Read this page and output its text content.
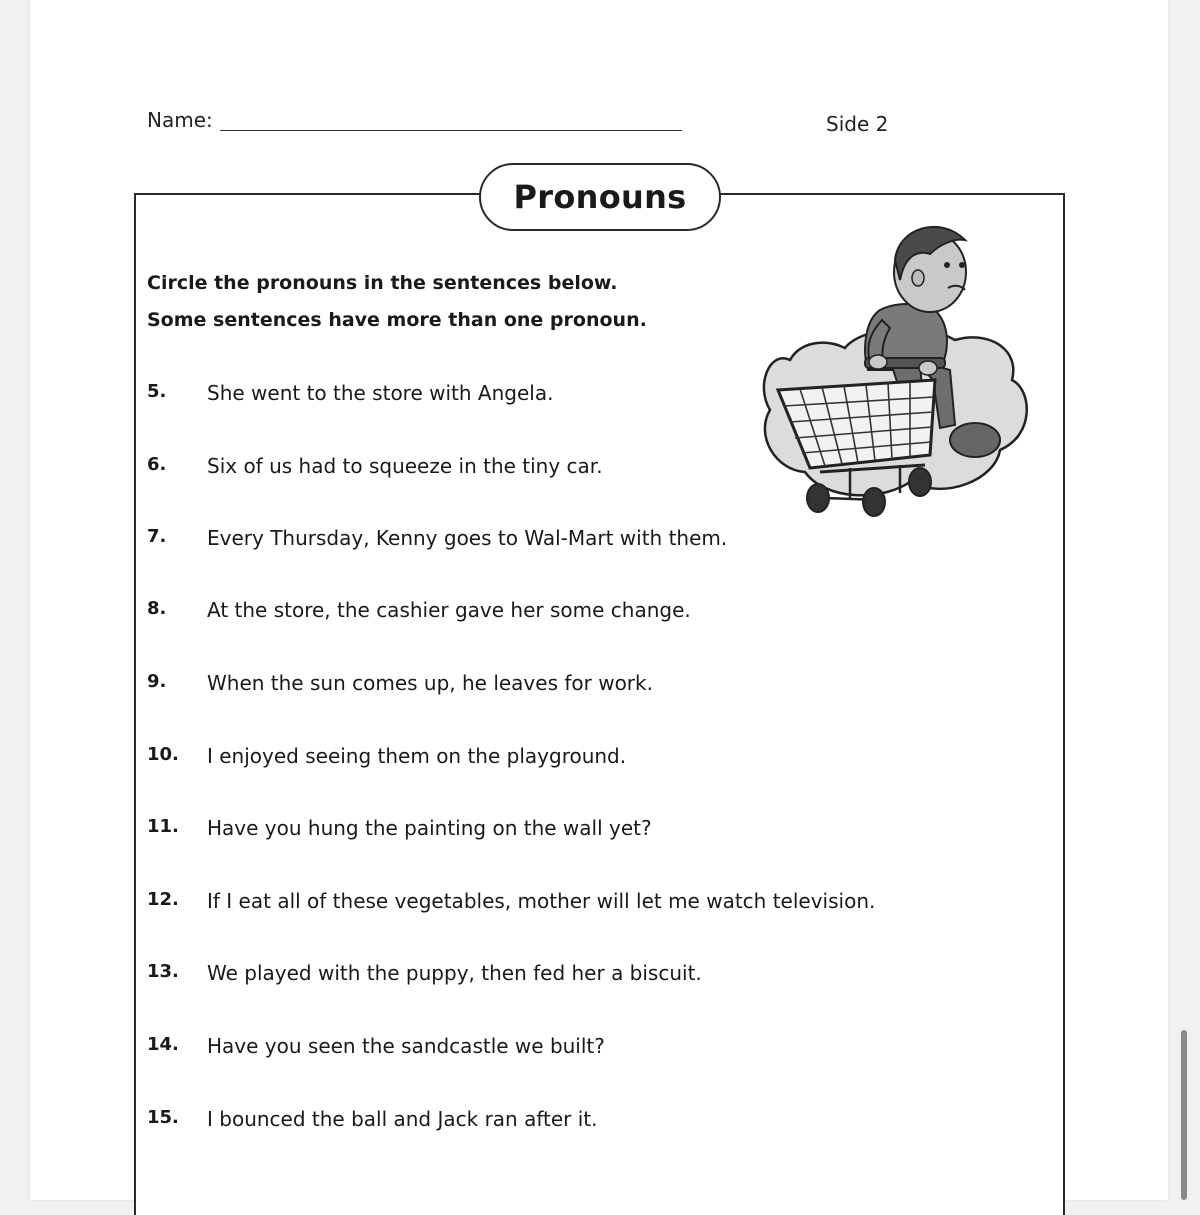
Name:	Side 2
Pronouns
Circle the pronouns in the sentences below.
Some sentences have more than one pronoun.
5. She went to the store with Angela.
6. Six of us had to squeeze in the tiny car.
7. Every Thursday, Kenny goes to Wal-Mart with them.
8. At the store, the cashier gave her some change.
9. When the sun comes up, he leaves for work.
10. I enjoyed seeing them on the playground.
11. Have you hung the painting on the wall yet?
12. If I eat all of these vegetables, mother will let me watch television.
13. We played with the puppy, then fed her a biscuit.
14. Have you seen the sandcastle we built?
15. I bounced the ball and Jack ran after it.
